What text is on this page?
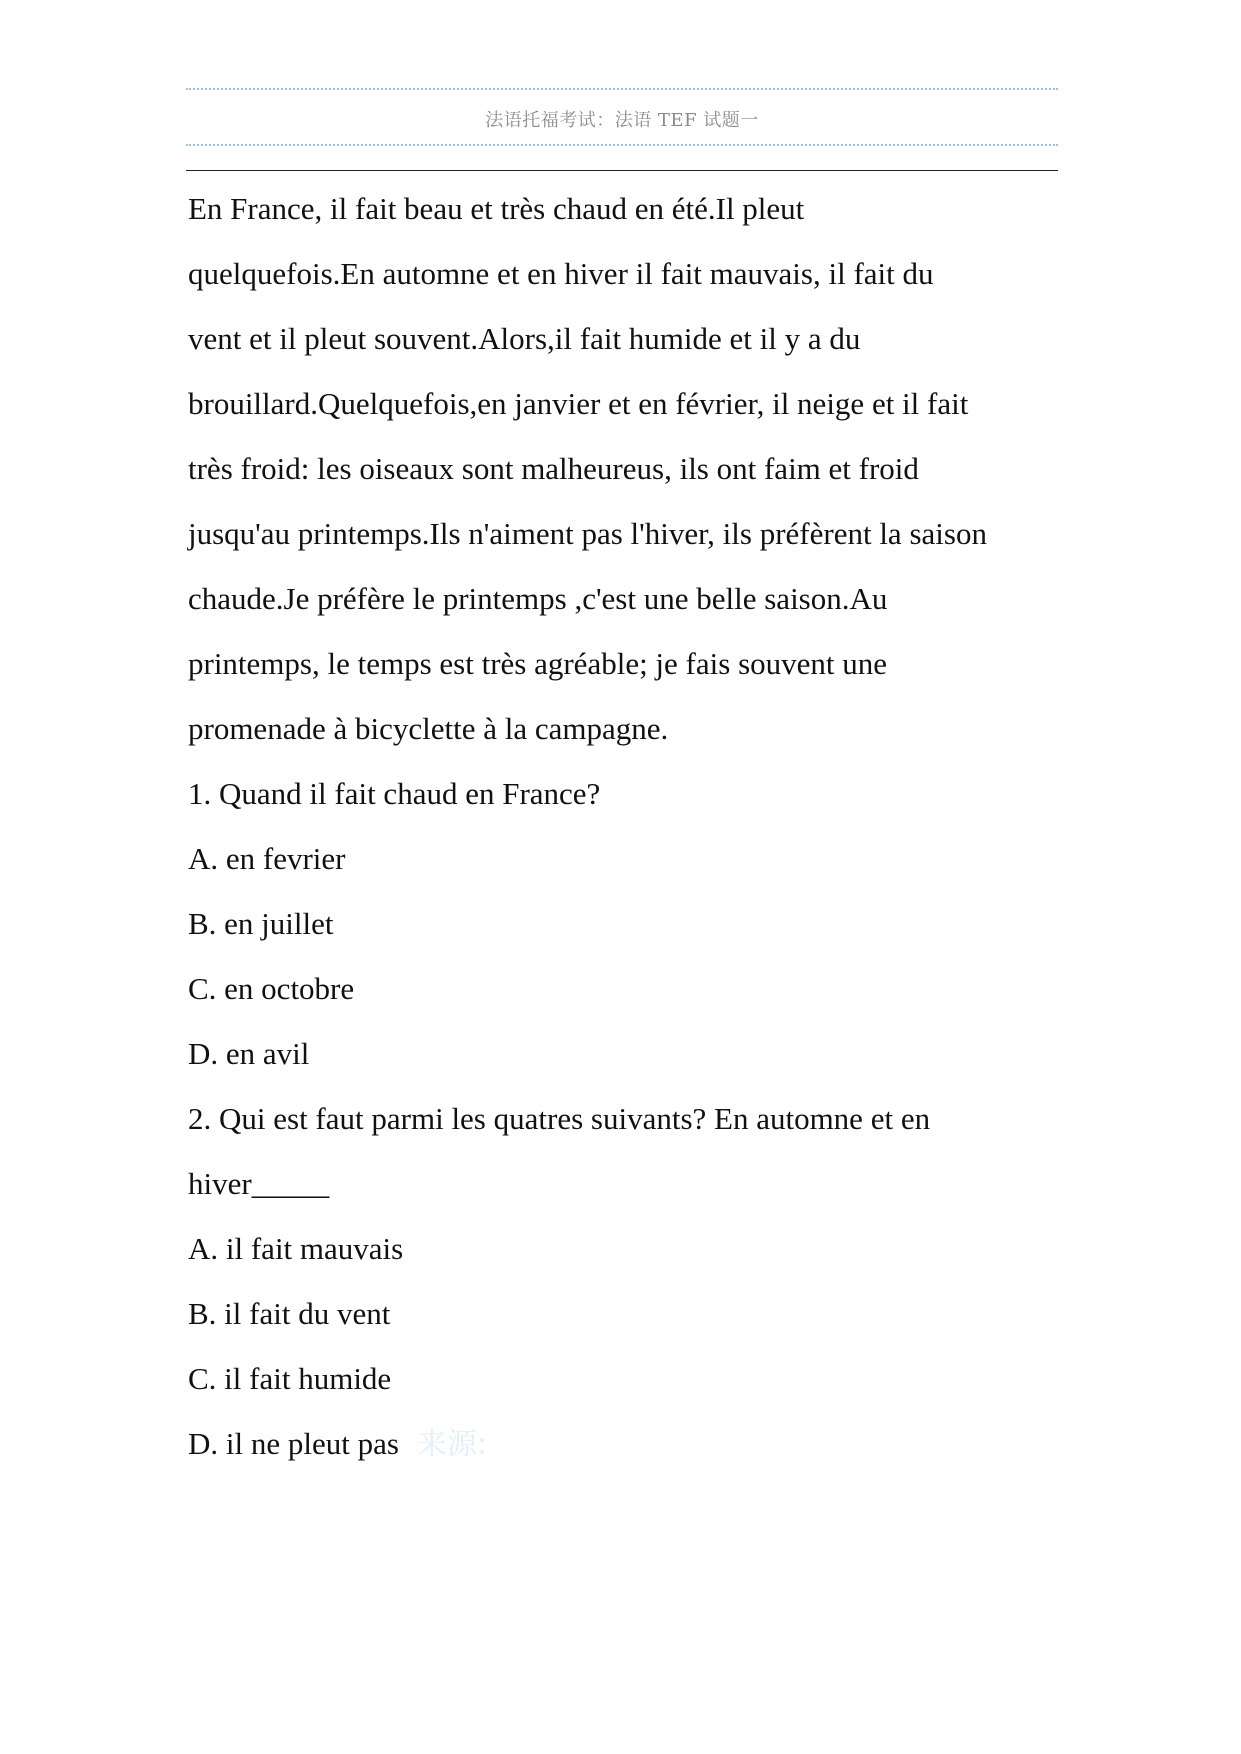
法语托福考试：法语 TEF 试题一
En France, il fait beau et très chaud en été.Il pleut
quelquefois.En automne et en hiver il fait mauvais, il fait du
vent et il pleut souvent.Alors,il fait humide et il y a du
brouillard.Quelquefois,en janvier et en février, il neige et il fait
très froid: les oiseaux sont malheureus, ils ont faim et froid
jusqu'au printemps.Ils n'aiment pas l'hiver, ils préfèrent la saison
chaude.Je préfère le printemps ,c'est une belle saison.Au
printemps, le temps est très agréable; je fais souvent une
promenade à bicyclette à la campagne.
1. Quand il fait chaud en France?
A. en fevrier
B. en juillet
C. en octobre
D. en avil
2. Qui est faut parmi les quatres suivants? En automne et en
hiver_____
A. il fait mauvais
B. il fait du vent
C. il fait humide
D. il ne pleut pas 来源:
